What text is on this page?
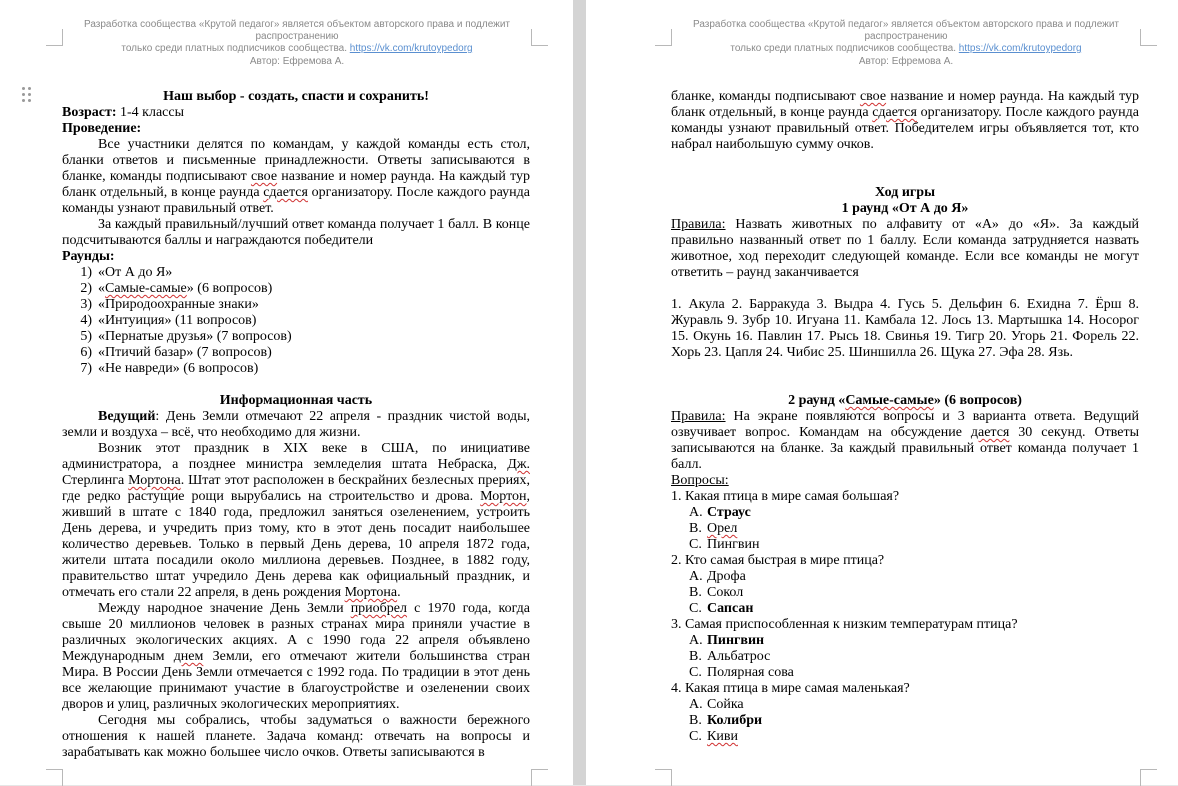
Разработка сообщества «Крутой педагог» является объектом авторского права и подлежит распространению
только среди платных подписчиков сообщества. https://vk.com/krutoypedorg
Автор: Ефремова А.
Разработка сообщества «Крутой педагог» является объектом авторского права и подлежит распространению
только среди платных подписчиков сообщества. https://vk.com/krutoypedorg
Автор: Ефремова А.

Наш выбор - создать, спасти и сохранить!

Возраст: 1-4 классы

Проведение:

Все участники делятся по командам, у каждой команды есть стол, бланки ответов и письменные принадлежности. Ответы записываются в бланке, команды подписывают свое название и номер раунда. На каждый тур бланк отдельный, в конце раунда сдается организатору. После каждого раунда команды узнают правильный ответ.

За каждый правильный/лучший ответ команда получает 1 балл. В конце подсчитываются баллы и награждаются победители

Раунды:

1) «От А до Я»
2) «Самые-самые» (6 вопросов)
3) «Природоохранные знаки»
4) «Интуиция» (11 вопросов)
5) «Пернатые друзья» (7 вопросов)
6) «Птичий базар» (7 вопросов)
7) «Не навреди» (6 вопросов)

Информационная часть

Ведущий: День Земли отмечают 22 апреля - праздник чистой воды, земли и воздуха – всё, что необходимо для жизни.

Возник этот праздник в XIX веке в США, по инициативе администратора, а позднее министра земледелия штата Небраска, Дж. Стерлинга Мортона. Штат этот расположен в бескрайних безлесных прериях, где редко растущие рощи вырубались на строительство и дрова. Мортон, живший в штате с 1840 года, предложил заняться озеленением, устроить День дерева, и учредить приз тому, кто в этот день посадит наибольшее количество деревьев. Только в первый День дерева, 10 апреля 1872 года, жители штата посадили около миллиона деревьев. Позднее, в 1882 году, правительство штат учредило День дерева как официальный праздник, и отмечать его стали 22 апреля, в день рождения Мортона.

Между народное значение День Земли приобрел с 1970 года, когда свыше 20 миллионов человек в разных странах мира приняли участие в различных экологических акциях. А с 1990 года 22 апреля объявлено Международным днем Земли, его отмечают жители большинства стран Мира. В России День Земли отмечается с 1992 года. По традиции в этот день все желающие принимают участие в благоустройстве и озеленении своих дворов и улиц, различных экологических мероприятиях.

Сегодня мы собрались, чтобы задуматься о важности бережного отношения к нашей планете. Задача команд: отвечать на вопросы и зарабатывать как можно большее число очков. Ответы записываются в

бланке, команды подписывают свое название и номер раунда. На каждый тур бланк отдельный, в конце раунда сдается организатору. После каждого раунда команды узнают правильный ответ. Победителем игры объявляется тот, кто набрал наибольшую сумму очков.

Ход игры

1 раунд «От А до Я»

Правила: Назвать животных по алфавиту от «А» до «Я». За каждый правильно названный ответ по 1 баллу. Если команда затрудняется назвать животное, ход переходит следующей команде. Если все команды не могут ответить – раунд заканчивается

1. Акула 2. Барракуда 3. Выдра 4. Гусь 5. Дельфин 6. Ехидна 7. Ёрш 8. Журавль 9. Зубр 10. Игуана 11. Камбала 12. Лось 13. Мартышка 14. Носорог 15. Окунь 16. Павлин 17. Рысь 18. Свинья 19. Тигр 20. Угорь 21. Форель 22. Хорь 23. Цапля 24. Чибис 25. Шиншилла 26. Щука 27. Эфа 28. Язь.

2 раунд «Самые-самые» (6 вопросов)

Правила: На экране появляются вопросы и 3 варианта ответа. Ведущий озвучивает вопрос. Командам на обсуждение дается 30 секунд. Ответы записываются на бланке. За каждый правильный ответ команда получает 1 балл.

Вопросы:

1. Какая птица в мире самая большая?

A. Страус
B. Орел
C. Пингвин

2. Кто самая быстрая в мире птица?

A. Дрофа
B. Сокол
C. Сапсан

3. Самая приспособленная к низким температурам птица?

A. Пингвин
B. Альбатрос
C. Полярная сова

4. Какая птица в мире самая маленькая?

A. Сойка
B. Колибри
C. Киви
